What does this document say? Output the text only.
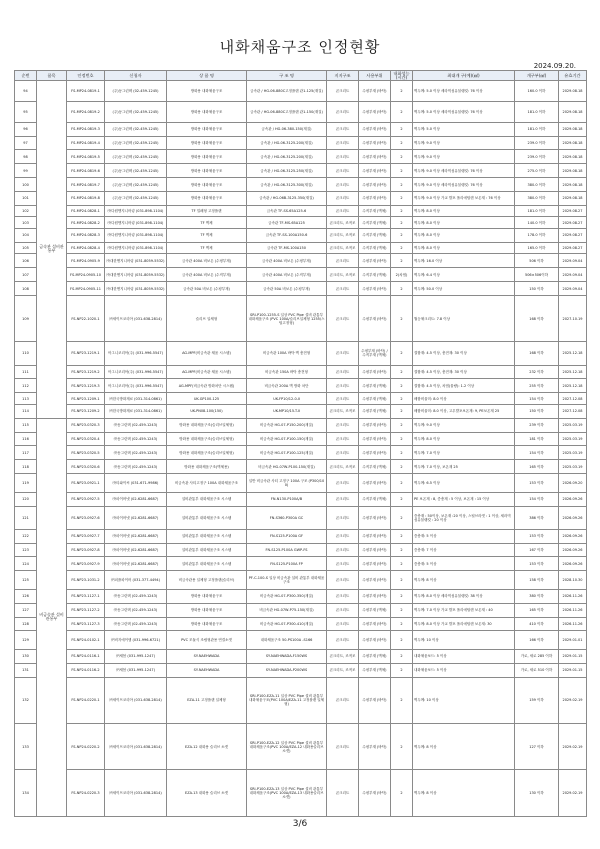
내화채움구조 인정현황
2024.09.20.
순번	품목	인정번호	신청자	상 품 명	구 조 명	지지구조	사용부위	내화성능(시간)	최대개 구(예)(㎟)	개구부(㎟)	유효기간
94	금속관 설비관통부	FS-MP24-0819-1	(주)동그린텍 (02-459-1245)	방화용 내화채움구조	금속관 / HG-06-880C고정플랜 관1-125(재질)	콘크리트	수평부재 (바닥)	2	벽두께: 5.0 이상 세라믹섬유블랭킷: 76 이상	160.0 이하	2029.08.18
95		FS-MP24-0819-2	(주)동그린텍 (02-459-1245)	방화용 내화채움구조	금속관 / HG-06-880C고정플랜 관1-150(재질)	콘크리트	수평부재 (바닥)	2	벽두께: 5.0 이상 세라믹섬유블랭킷: 76 이상	181.0 이하	2029.08.18
96		FS-MP24-0819-3	(주)동그린텍 (02-459-1245)	방화용 내화채움구조	금속관 / HG-06-380-150(재질)	콘크리트	수평부재 (바닥)	2	벽두께: 5.0 이상	181.0 이하	2029.08.18
97		FS-MP24-0819-4	(주)동그린텍 (02-459-1245)	방화용 내화채움구조	금속관 / HG-06-3125-200(재질)	콘크리트	수평부재 (바닥)	2	벽두께: 9.0 이상	239.0 이하	2029.08.18
98		FS-MP24-0819-5	(주)동그린텍 (02-459-1245)	방화용 내화채움구조	금속관 / HG-06-3125-200(재질)	콘크리트	수평부재 (바닥)	2	벽두께: 9.0 이상	239.0 이하	2029.08.18
99		FS-MP24-0819-6	(주)동그린텍 (02-459-1245)	방화용 내화채움구조	금속관 / HG-06-3125-250(재질)	콘크리트	수평부재 (바닥)	2	벽두께: 9.0 이상 세라믹섬유블랭킷: 76 이상	275.0 이하	2029.08.18
100		FS-MP24-0819-7	(주)동그린텍 (02-459-1245)	방화용 내화채움구조	금속관 / HG-06-3125-300(재질)	콘크리트	수평부재 (바닥)	2	벽두께: 9.0 이상 세라믹섬유블랭킷: 76 이상	380.0 이하	2029.08.18
101		FS-MP24-0819-8	(주)동그린텍 (02-459-1245)	방화용 내화채움구조	금속관 / HG-06B-3125-350(재질)	콘크리트	수평부재 (바닥)	2	벽두께: 9.0 이상 가교 발포 폴리에틸렌 보온재 : 76 이상	380.0 이하	2029.08.18
102		FS-MP24-0828-1	㈜다원엔지니어링 (031-898-1104)	TF 밀폐형 고정플랜	금속관 TF-SS-65A125-6	콘크리트	수직부재 (벽체)	2	벽두께: 8.0 이상	181.0 이하	2029.08.27
103		FS-MP24-0828-2	㈜다원엔지니어링 (031-898-1104)	TF 벽체	금속관 TF-MS-65A125	콘크리트, 조적조	수직부재 (벽체)	2	벽두께: 8.0 이상	140.0 이하	2029.08.27
104		FS-MP24-0828-3	㈜다원엔지니어링 (031-898-1104)	TF 벽체	금속관 TF-SS-100A150-6	콘크리트, 조적조	수직부재 (벽체)	2	벽두께: 8.0 이상	178.0 이하	2029.08.27
105		FS-MP24-0828-4	㈜다원엔지니어링 (031-898-1104)	TF 벽체	금속관 TF-MS-100A150	콘크리트, 조적조	수직부재 (벽체)	2	벽두께: 8.0 이상	165.0 이하	2029.08.27
106		FS-MP24-0905-9	㈜대한엔지니어링 (031-8059-5532)	금속관 400A 비보온 (수평부재)	금속관 400A 비보온 (수평부재)	콘크리트	수평부재 (바닥)	2	벽두께: 16.0 이상	506 이하	2029.09.04
107		FS-MP24-0905-10	㈜대한엔지니어링 (031-8059-5532)	금속관 400A 비보온 (수직부재)	금속관 400A 비보온 (수직부재)	콘크리트, 조적조	수직부재 (벽체)	2(차염)	벽두께: 6.4 이상	506×506이하	2029.09.04
108		FS-MP24-0905-11	㈜대한엔지니어링 (031-8059-5532)	금속관 50A 비보온 (수평부재)	금속관 50A 비보온 (수평부재)	콘크리트	수평부재 (바닥)	2	벽두께: 50.0 이상	150 이하	2029.09.04
109		FS-NP22-1020-1	㈜세이프코리아 (031-638-2814)	슬리브 일체형	SRI-P100-1255-S 일상 PVC Pipe 설비 관통부 내화채움구조 (PVC 100A/슬리브일체형 1255/스틸고정형)	콘크리트	수평부재 (바닥)	2	월등채크리트: 7.8 이상	168 이하	2027.10.19
110		FS-NP23-1219-1	아그니코리아(주) (031-996-5547)	AG-MPF(비금속관 채움 시스템)	비금속관 100A 바닥·벽 충전형	콘크리트	수평부재 (바닥) / 수직부재 (벽체)	2	결합재: 4.5 이상, 충전재: 30 이상	168 이하	2025.12.18
111		FS-NP23-1219-2	아그니코리아(주) (031-996-5547)	AG-MPF(비금속관 채움 시스템)	비금속관 150A 바닥 충전형	콘크리트	수평부재 (바닥)	2	결합재: 4.5 이상, 충전재: 30 이상	232 이하	2025.12.18
112		FS-NP23-1219-3	아그니코리아(주) (031-996-5547)	AG-MPF(비금속관 방화차단 시스템)	비금속관 200A 벽 방화 차단	콘크리트	수평부재 (벽체)	2	결합재: 4.5 이상, 차염(물량): 1.2 이상	255 이하	2025.12.18
113		FS-NP23-1209-1	㈜한국방화재료 (031-314-0861)	UK-GP100-125	UK-FP10/12-0-Ⅱ	콘크리트	수평부재 (벽체)	2	배합비율미: 8.0 이상	154 이하	2027.12.08
114		FS-NP23-1209-2	㈜한국방화재료 (031-314-0861)	UK-PN08-100(150)	UK-MP10/15-T-Ⅱ	콘크리트, 조적조	수평부재 (벽체)	2	배합비율미: 8.0 이상, 고무발포보온재: 9, PE보온재 25	150 이하	2027.12.08
115	비금속관 설비관통부	FS-NP23-0320-3	㈜동그린텍 (02-459-1243)	방화용 내화채움구조(슬리브일체형)	비금속관 HG-07-P150-200(재질)	콘크리트	수평부재 (바닥)	2	벽두께: 9.0 이상	239 이하	2025.03.19
116		FS-NP23-0320-4	㈜동그린텍 (02-459-1243)	방화용 내화채움구조(슬리브일체형)	비금속관 HG-07-P100-150(재질)	콘크리트	수평부재 (바닥)	2	벽두께: 8.0 이상	181 이하	2025.03.19
117		FS-NP23-0320-5	㈜동그린텍 (02-459-1243)	방화용 내화채움구조(슬리브일체형)	비금속관 HG-07-P100-125(재질)	콘크리트	수평부재 (바닥)	2	벽두께: 7.0 이상	154 이하	2025.03.19
118		FS-NP23-0320-6	㈜동그린텍 (02-459-1243)	방화용 내화채움구조(벽체용)	비금속관 HG-07W-P100-150(재질)	콘크리트, 조적조	수직부재 (벽체)	2	벽두께: 7.0 이상, 보온재 25	165 이하	2025.03.19
119		FS-NP23-0921-1	㈜티와이씨 (031-671-9986)	비금속관 사티고정구 100A 내화채움구조	일반 비금속관 사티 고정구 100A 구조 (P300/100)	콘크리트	수평부재 (바닥)	2	벽두께: 6.5 이상	153 이하	2026.09.20
120		FS-NP23-0927-5	㈜파이어넷 (02-6281-6687)	설비관통부 내화채움구조 시스템	FN-N130-P100A/B	콘크리트	수직부재 (벽체)	2	PE 보온재 : 8, 층충재 : 5 이상, 보온재 : 15 이상	154 이하	2026.09.26
121		FS-NP23-0927-6	㈜파이어넷 (02-6281-6687)	설비관통부 내화채움구조 시스템	FN-S360-P300A GC	콘크리트	수평부재 (바닥)	2	층충재 : 50이상, 보온재 :20 이상, 스틸브라켓 : 1 이상, 세라믹섬유블랭킷 : 20 이상	386 이하	2026.09.26
122		FS-NP23-0927-7	㈜파이어넷 (02-6281-6687)	설비관통부 내화채움구조 시스템	FN-S125-P100A GF	콘크리트	수평부재 (바닥)	2	층충재: 5 이상	153 이하	2026.09.26
123		FS-NP23-0927-8	㈜파이어넷 (02-6281-6687)	설비관통부 내화채움구조 시스템	FN-S125-P100A GWP-FS	콘크리트	수평부재 (바닥)	2	층충재: 7 이상	167 이하	2026.09.26
124		FS-NP23-0927-9	㈜파이어넷 (02-6281-6687)	설비관통부 내화채움구조 시스템	FN-S125-P100A FP	콘크리트	수평부재 (바닥)	2	층충재: 5 이상	153 이하	2026.09.26
125		FS-NP23-1031-2	㈜피플파이어 (031-377-4494)	비금속관용 일체형 고정플랜(슬리브)	PF-C-100-S 일상 비금속관 설비 관통부 내화채움구조	콘크리트	수평부재 (바닥)	2	벽두께: 8 이상	158 이하	2028.10.30
126		FS-NP23-1127-1	㈜동그린텍 (02-459-1243)	방화용 내화채움구조	비금속관 HG-07-P300-350(재질)	콘크리트	수평부재 (바닥)	2	벽두께: 8.0 이상 세라믹섬유블랭킷: 38 이상	380 이하	2026.11.26
127		FS-NP23-1127-2	㈜동그린텍 (02-459-1243)	방화용 내화채움구조	비금속관 HG-07W-P75-150(재질)	콘크리트	수평부재 (벽체)	2	벽두께: 7.0 이상 가교 발포 폴리에틸렌 보온재 : 40	165 이하	2026.11.26
128		FS-NP23-1127-3	㈜동그린텍 (02-459-1243)	방화용 내화채움구조	비금속관 HG-07-P300-410(재질)	콘크리트	수평부재 (바닥)	2	벽두께: 8.0 이상 가교 발포 폴리에틸렌 보온재: 30	410 이하	2026.11.26
129		FS-NP24-0102-1	㈜비지에이엠 (031-996-6721)	PVC 모듈식 조립형관용 연결소켓	내화채움구조 50-PS100A -S166	콘크리트	수평부재 (바닥)	2	벽두께: 10 이상	166 이하	2029.01.01
130		FS-NP24-0116-1	㈜새봄 (031-995-1247)	SY-NAEHWADA	SY-NAEHWADA-F150WS	콘크리트, 조적조	수평부재 (벽체)	2	내화채움보드: 5 이상	가로, 세로 285 이하	2029.01.15
131		FS-NP24-0116-2	㈜새봄 (031-995-1247)	SY-NAEHWADA	SY-NAEHWADA-P200WS	콘크리트, 조적조	수평부재 (벽체)	2	내화채움보드: 5 이상	가로, 세로 510 이하	2029.01.15
132		FS-NP24-0220-1	㈜세이프코리아 (031-638-2814)	EZA-11 고정플랜 일체형	SRI-P100-EZA-11 일상 PVC Pipe 설비 관통부 내화채움구조(PVC 100A/EZA-11 고정플랜 일체형)	콘크리트	수평부재 (바닥)	2	벽두께: 10 이상	159 이하	2029.02.19
133		FS-NP24-0220-2	㈜세이프코리아 (031-638-2814)	EZA-12 내화용 슬리브 소켓	SRI-P100-EZA-12 일상 PVC Pipe 설비 관통부 내화채움구조(PVC 100A/EZA-12 내화용슬리브소켓)	콘크리트	수평부재 (바닥)	2	벽두께: 8 이상	127 이하	2029.02.19
134		FS-NP24-0220-3	㈜세이프코리아 (031-638-2814)	EZA-13 내화용 슬리브 소켓	SRI-P100-EZA-13 일상 PVC Pipe 설비 관통부 내화채움구조(PVC 100A/EZA-13 내화용슬리브소켓)	콘크리트	수평부재 (바닥)	2	벽두께: 8 이상	130 이하	2029.02.19
3/6
